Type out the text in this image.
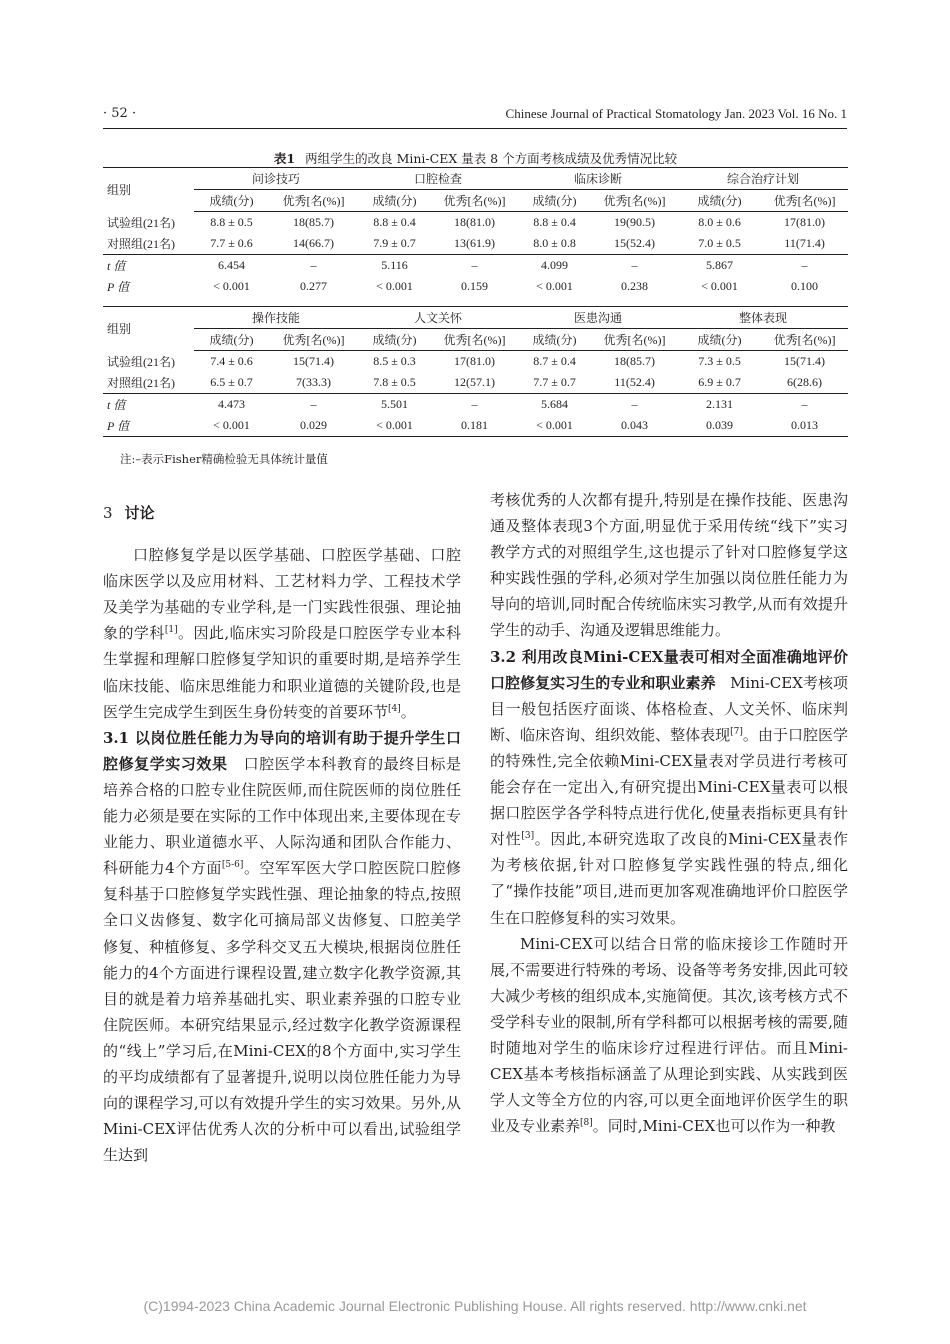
· 52 ·	Chinese Journal of Practical Stomatology Jan. 2023 Vol. 16 No. 1
表1 两组学生的改良 Mini-CEX 量表 8 个方面考核成绩及优秀情况比较
组别	问诊技巧		口腔检查		临床诊断		综合治疗计划	
	成绩(分)	优秀[名(%)]	成绩(分)	优秀[名(%)]	成绩(分)	优秀[名(%)]	成绩(分)	优秀[名(%)]
试验组(21名)	8.8 ± 0.5	18(85.7)	8.8 ± 0.4	18(81.0)	8.8 ± 0.4	19(90.5)	8.0 ± 0.6	17(81.0)
对照组(21名)	7.7 ± 0.6	14(66.7)	7.9 ± 0.7	13(61.9)	8.0 ± 0.8	15(52.4)	7.0 ± 0.5	11(71.4)
t 值	6.454	–	5.116	–	4.099	–	5.867	–
P 值	< 0.001	0.277	< 0.001	0.159	< 0.001	0.238	< 0.001	0.100
组别	操作技能		人文关怀		医患沟通		整体表现	
	成绩(分)	优秀[名(%)]	成绩(分)	优秀[名(%)]	成绩(分)	优秀[名(%)]	成绩(分)	优秀[名(%)]
试验组(21名)	7.4 ± 0.6	15(71.4)	8.5 ± 0.3	17(81.0)	8.7 ± 0.4	18(85.7)	7.3 ± 0.5	15(71.4)
对照组(21名)	6.5 ± 0.7	7(33.3)	7.8 ± 0.5	12(57.1)	7.7 ± 0.7	11(52.4)	6.9 ± 0.7	6(28.6)
t 值	4.473	–	5.501	–	5.684	–	2.131	–
P 值	< 0.001	0.029	< 0.001	0.181	< 0.001	0.043	0.039	0.013
注:–表示Fisher精确检验无具体统计量值

3 讨论

口腔修复学是以医学基础、口腔医学基础、口腔临床医学以及应用材料、工艺材料力学、工程技术学及美学为基础的专业学科,是一门实践性很强、理论抽象的学科[1]。因此,临床实习阶段是口腔医学专业本科生掌握和理解口腔修复学知识的重要时期,是培养学生临床技能、临床思维能力和职业道德的关键阶段,也是医学生完成学生到医生身份转变的首要环节[4]。

3.1 以岗位胜任能力为导向的培训有助于提升学生口腔修复学实习效果 口腔医学本科教育的最终目标是培养合格的口腔专业住院医师,而住院医师的岗位胜任能力必须是要在实际的工作中体现出来,主要体现在专业能力、职业道德水平、人际沟通和团队合作能力、科研能力4个方面[5-6]。空军军医大学口腔医院口腔修复科基于口腔修复学实践性强、理论抽象的特点,按照全口义齿修复、数字化可摘局部义齿修复、口腔美学修复、种植修复、多学科交叉五大模块,根据岗位胜任能力的4个方面进行课程设置,建立数字化教学资源,其目的就是着力培养基础扎实、职业素养强的口腔专业住院医师。本研究结果显示,经过数字化教学资源课程的“线上”学习后,在Mini-CEX的8个方面中,实习学生的平均成绩都有了显著提升,说明以岗位胜任能力为导向的课程学习,可以有效提升学生的实习效果。另外,从Mini-CEX评估优秀人次的分析中可以看出,试验组学生达到

考核优秀的人次都有提升,特别是在操作技能、医患沟通及整体表现3个方面,明显优于采用传统“线下”实习教学方式的对照组学生,这也提示了针对口腔修复学这种实践性强的学科,必须对学生加强以岗位胜任能力为导向的培训,同时配合传统临床实习教学,从而有效提升学生的动手、沟通及逻辑思维能力。

3.2 利用改良Mini-CEX量表可相对全面准确地评价口腔修复实习生的专业和职业素养 Mini-CEX考核项目一般包括医疗面谈、体格检查、人文关怀、临床判断、临床咨询、组织效能、整体表现[7]。由于口腔医学的特殊性,完全依赖Mini-CEX量表对学员进行考核可能会存在一定出入,有研究提出Mini-CEX量表可以根据口腔医学各学科特点进行优化,使量表指标更具有针对性[3]。因此,本研究选取了改良的Mini-CEX量表作为考核依据,针对口腔修复学实践性强的特点,细化了“操作技能”项目,进而更加客观准确地评价口腔医学生在口腔修复科的实习效果。

Mini-CEX可以结合日常的临床接诊工作随时开展,不需要进行特殊的考场、设备等考务安排,因此可较大减少考核的组织成本,实施简便。其次,该考核方式不受学科专业的限制,所有学科都可以根据考核的需要,随时随地对学生的临床诊疗过程进行评估。而且Mini-CEX基本考核指标涵盖了从理论到实践、从实践到医学人文等全方位的内容,可以更全面地评价医学生的职业及专业素养[8]。同时,Mini-CEX也可以作为一种教

(C)1994-2023 China Academic Journal Electronic Publishing House. All rights reserved. http://www.cnki.net
